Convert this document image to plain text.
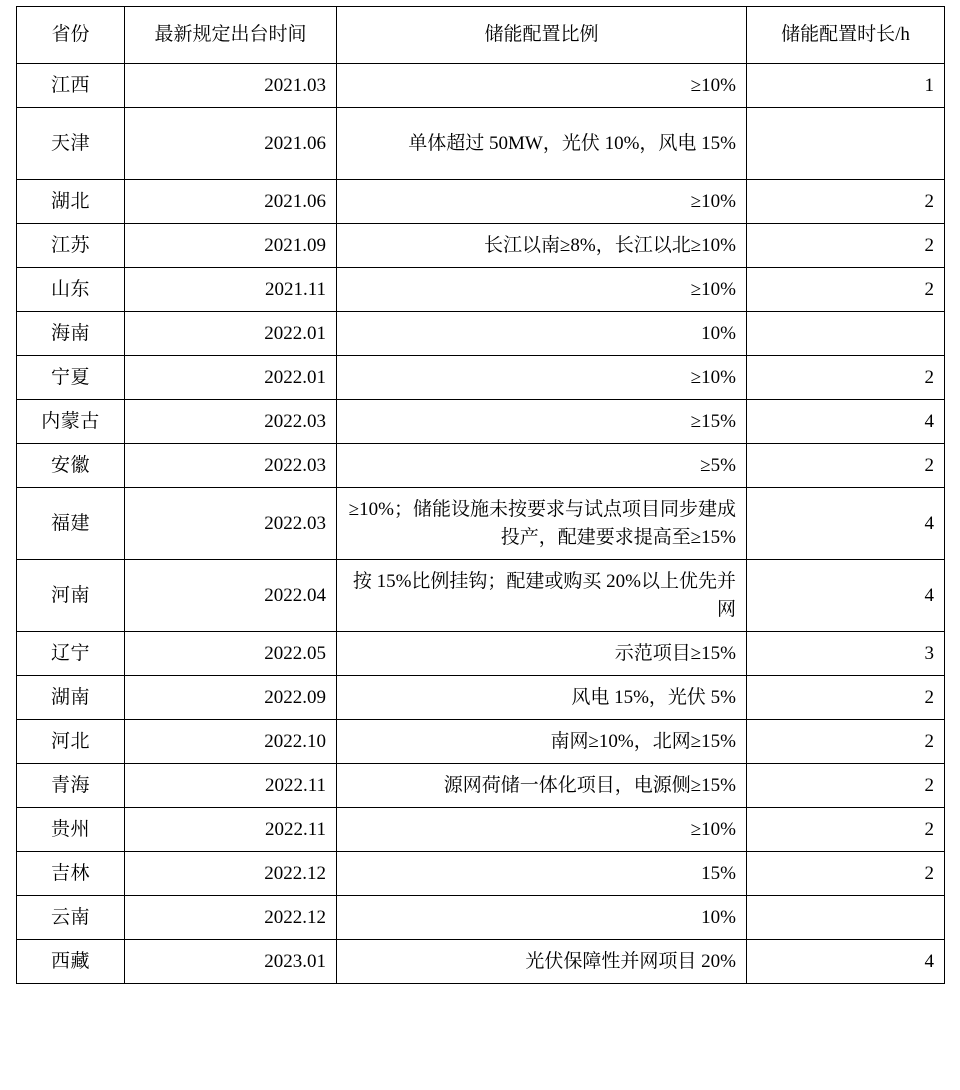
省份	最新规定出台时间	储能配置比例	储能配置时长/h
江西	2021.03	≥10%	1
天津	2021.06	单体超过 50MW，光伏 10%，风电 15%	
湖北	2021.06	≥10%	2
江苏	2021.09	长江以南≥8%，长江以北≥10%	2
山东	2021.11	≥10%	2
海南	2022.01	10%	
宁夏	2022.01	≥10%	2
内蒙古	2022.03	≥15%	4
安徽	2022.03	≥5%	2
福建	2022.03	≥10%；储能设施未按要求与试点项目同步建成投产，配建要求提高至≥15%	4
河南	2022.04	按 15%比例挂钩；配建或购买 20%以上优先并网	4
辽宁	2022.05	示范项目≥15%	3
湖南	2022.09	风电 15%，光伏 5%	2
河北	2022.10	南网≥10%，北网≥15%	2
青海	2022.11	源网荷储一体化项目，电源侧≥15%	2
贵州	2022.11	≥10%	2
吉林	2022.12	15%	2
云南	2022.12	10%	
西藏	2023.01	光伏保障性并网项目 20%	4
